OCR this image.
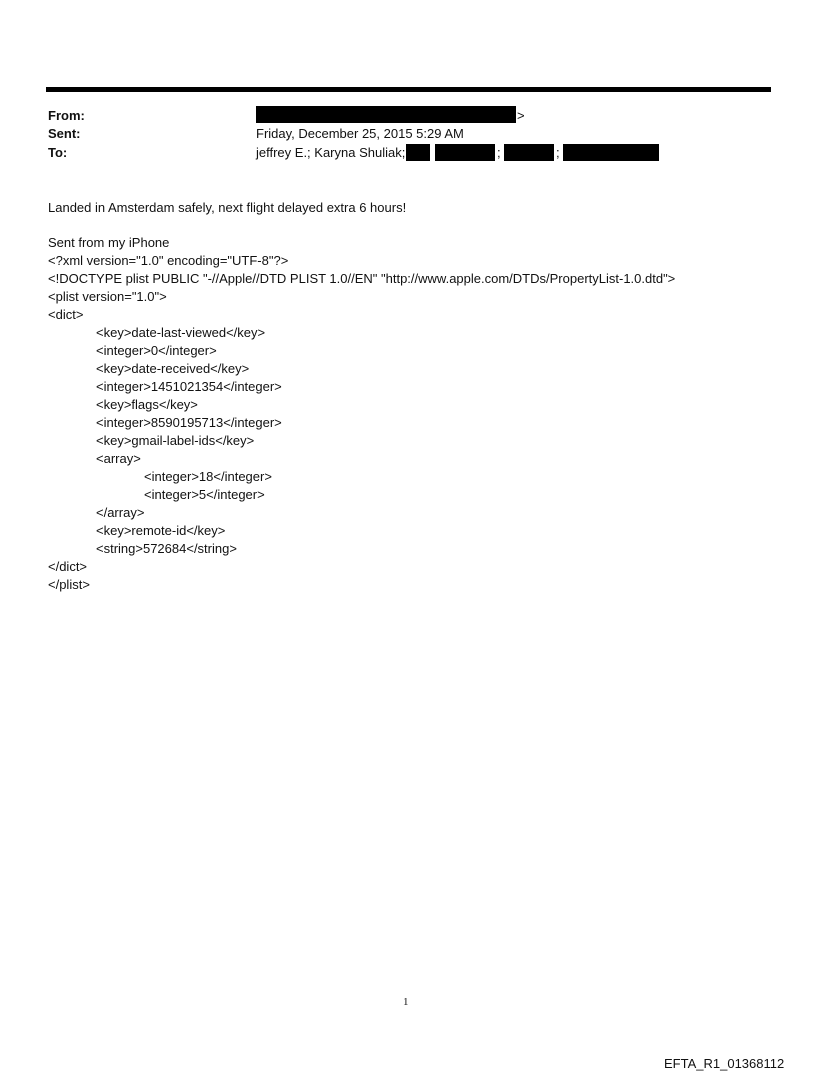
From:	>
Sent:	Friday, December 25, 2015 5:29 AM
To:	jeffrey E.; Karyna Shuliak;	;	;
Landed in Amsterdam safely, next flight delayed extra 6 hours!
Sent from my iPhone
<?xml version="1.0" encoding="UTF-8"?>
<!DOCTYPE plist PUBLIC "-//Apple//DTD PLIST 1.0//EN" "http://www.apple.com/DTDs/PropertyList-1.0.dtd">
<plist version="1.0">
<dict>
<key>date-last-viewed</key>
<integer>0</integer>
<key>date-received</key>
<integer>1451021354</integer>
<key>flags</key>
<integer>8590195713</integer>
<key>gmail-label-ids</key>
<array>
<integer>18</integer>
<integer>5</integer>
</array>
<key>remote-id</key>
<string>572684</string>
</dict>
</plist>
1
EFTA_R1_01368112
